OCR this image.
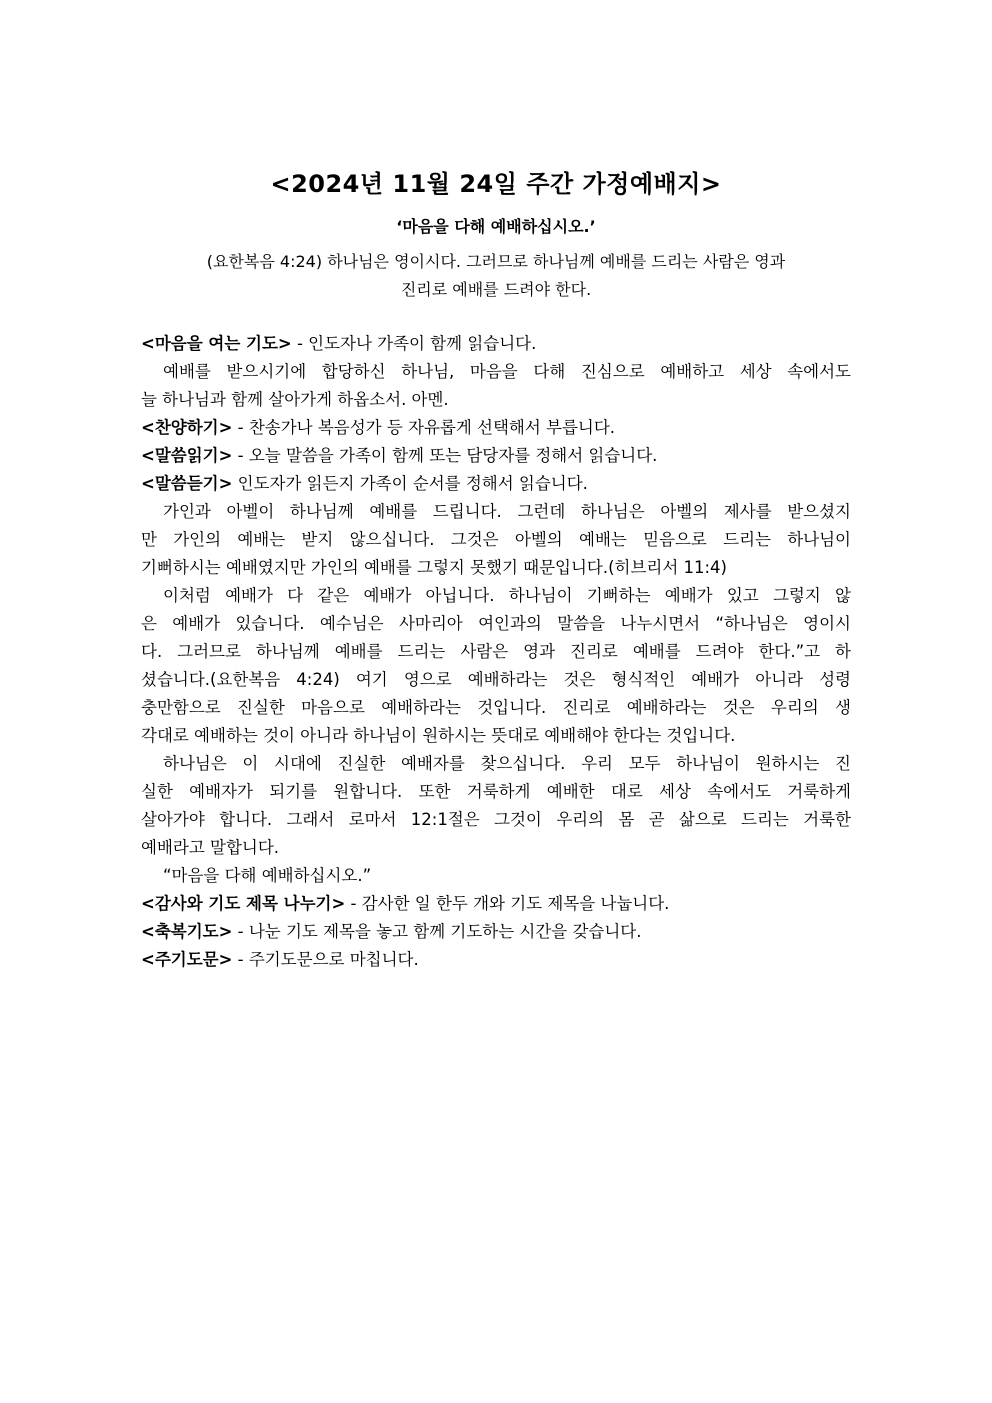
<2024년 11월 24일 주간 가정예배지>
‘마음을 다해 예배하십시오.’
(요한복음 4:24) 하나님은 영이시다. 그러므로 하나님께 예배를 드리는 사람은 영과
진리로 예배를 드려야 한다.
<마음을 여는 기도> - 인도자나 가족이 함께 읽습니다.
예배를 받으시기에 합당하신 하나님, 마음을 다해 진심으로 예배하고 세상 속에서도
늘 하나님과 함께 살아가게 하옵소서. 아멘.
<찬양하기> - 찬송가나 복음성가 등 자유롭게 선택해서 부릅니다.
<말씀읽기> - 오늘 말씀을 가족이 함께 또는 담당자를 정해서 읽습니다.
<말씀듣기> 인도자가 읽든지 가족이 순서를 정해서 읽습니다.
가인과 아벨이 하나님께 예배를 드립니다. 그런데 하나님은 아벨의 제사를 받으셨지
만 가인의 예배는 받지 않으십니다. 그것은 아벨의 예배는 믿음으로 드리는 하나님이
기뻐하시는 예배였지만 가인의 예배를 그렇지 못했기 때문입니다.(히브리서 11:4)
이처럼 예배가 다 같은 예배가 아닙니다. 하나님이 기뻐하는 예배가 있고 그렇지 않
은 예배가 있습니다. 예수님은 사마리아 여인과의 말씀을 나누시면서 “하나님은 영이시
다. 그러므로 하나님께 예배를 드리는 사람은 영과 진리로 예배를 드려야 한다.”고 하
셨습니다.(요한복음 4:24) 여기 영으로 예배하라는 것은 형식적인 예배가 아니라 성령
충만함으로 진실한 마음으로 예배하라는 것입니다. 진리로 예배하라는 것은 우리의 생
각대로 예배하는 것이 아니라 하나님이 원하시는 뜻대로 예배해야 한다는 것입니다.
하나님은 이 시대에 진실한 예배자를 찾으십니다. 우리 모두 하나님이 원하시는 진
실한 예배자가 되기를 원합니다. 또한 거룩하게 예배한 대로 세상 속에서도 거룩하게
살아가야 합니다. 그래서 로마서 12:1절은 그것이 우리의 몸 곧 삶으로 드리는 거룩한
예배라고 말합니다.
“마음을 다해 예배하십시오.”
<감사와 기도 제목 나누기> - 감사한 일 한두 개와 기도 제목을 나눕니다.
<축복기도> - 나눈 기도 제목을 놓고 함께 기도하는 시간을 갖습니다.
<주기도문> - 주기도문으로 마칩니다.
